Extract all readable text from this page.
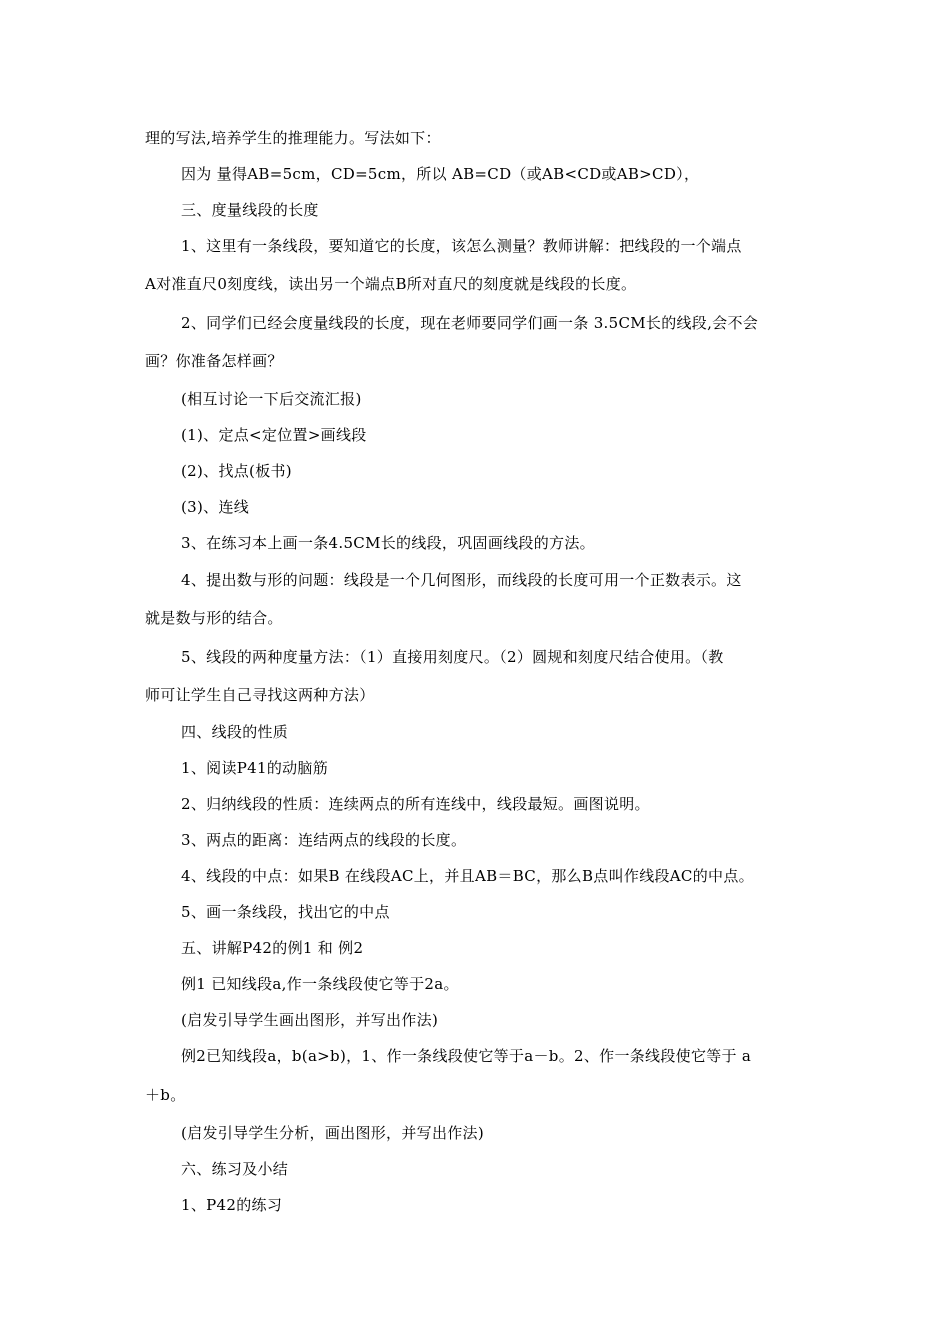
理的写法,培养学生的推理能力。写法如下：
因为 量得AB=5cm，CD=5cm，所以 AB=CD（或AB<CD或AB>CD），
三、度量线段的长度
1、这里有一条线段，要知道它的长度，该怎么测量？教师讲解：把线段的一个端点
A对准直尺0刻度线，读出另一个端点B所对直尺的刻度就是线段的长度。
2、同学们已经会度量线段的长度，现在老师要同学们画一条 3.5CM长的线段,会不会
画？你准备怎样画？
(相互讨论一下后交流汇报)
(1)、定点<定位置>画线段
(2)、找点(板书)
(3)、连线
3、在练习本上画一条4.5CM长的线段，巩固画线段的方法。
4、提出数与形的问题：线段是一个几何图形，而线段的长度可用一个正数表示。这
就是数与形的结合。
5、线段的两种度量方法：（1）直接用刻度尺。（2）圆规和刻度尺结合使用。（教
师可让学生自己寻找这两种方法）
四、线段的性质
1、阅读P41的动脑筋
2、归纳线段的性质：连续两点的所有连线中，线段最短。画图说明。
3、两点的距离：连结两点的线段的长度。
4、线段的中点：如果B 在线段AC上，并且AB＝BC，那么B点叫作线段AC的中点。
5、画一条线段，找出它的中点
五、讲解P42的例1 和 例2
例1 已知线段a,作一条线段使它等于2a。
(启发引导学生画出图形，并写出作法)
例2已知线段a，b(a>b)，1、作一条线段使它等于a－b。2、作一条线段使它等于 a
＋b。
(启发引导学生分析，画出图形，并写出作法)
六、练习及小结
1、P42的练习
